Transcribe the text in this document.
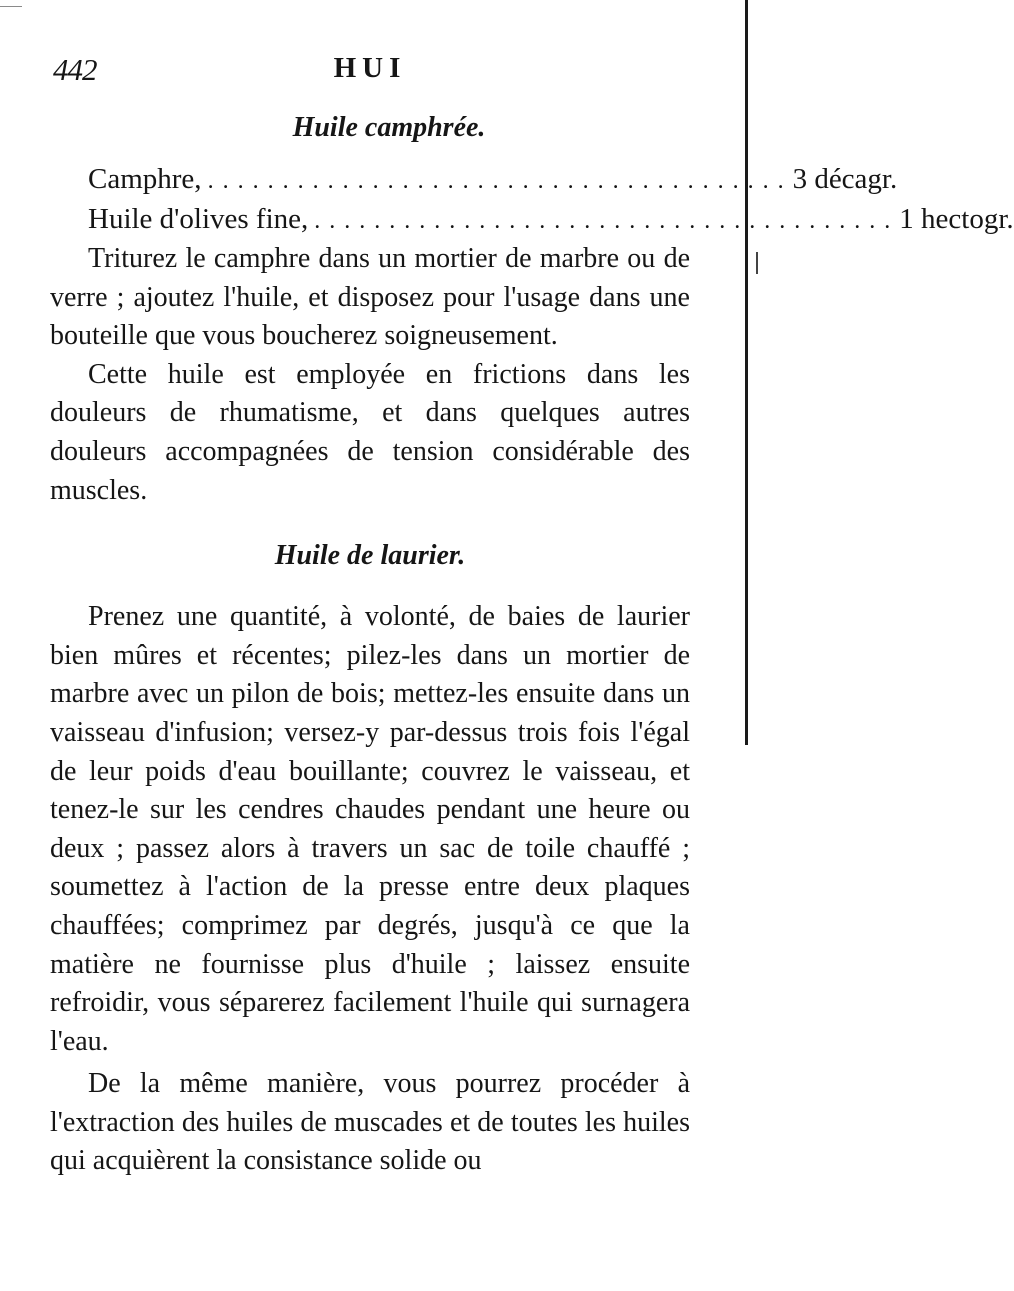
442	HUI
Huile camphrée.
Camphre, ....................................... 3 décagr.
Huile d'olives fine, ....................................... 1 hectogr.

Triturez le camphre dans un mortier de marbre ou de verre ; ajoutez l'huile, et disposez pour l'usage dans une bouteille que vous boucherez soigneusement.

Cette huile est employée en frictions dans les douleurs de rhumatisme, et dans quelques autres douleurs accompagnées de tension considérable des muscles.

Huile de laurier.

Prenez une quantité, à volonté, de baies de laurier bien mûres et récentes; pilez-les dans un mortier de marbre avec un pilon de bois; mettez-les ensuite dans un vaisseau d'infusion; versez-y par-dessus trois fois l'égal de leur poids d'eau bouillante; couvrez le vaisseau, et tenez-le sur les cendres chaudes pendant une heure ou deux ; passez alors à travers un sac de toile chauffé ; soumettez à l'action de la presse entre deux plaques chauffées; comprimez par degrés, jusqu'à ce que la matière ne fournisse plus d'huile ; laissez ensuite refroidir, vous séparerez facilement l'huile qui surnagera l'eau.

De la même manière, vous pourrez procéder à l'extraction des huiles de muscades et de toutes les huiles qui acquièrent la consistance solide ou
